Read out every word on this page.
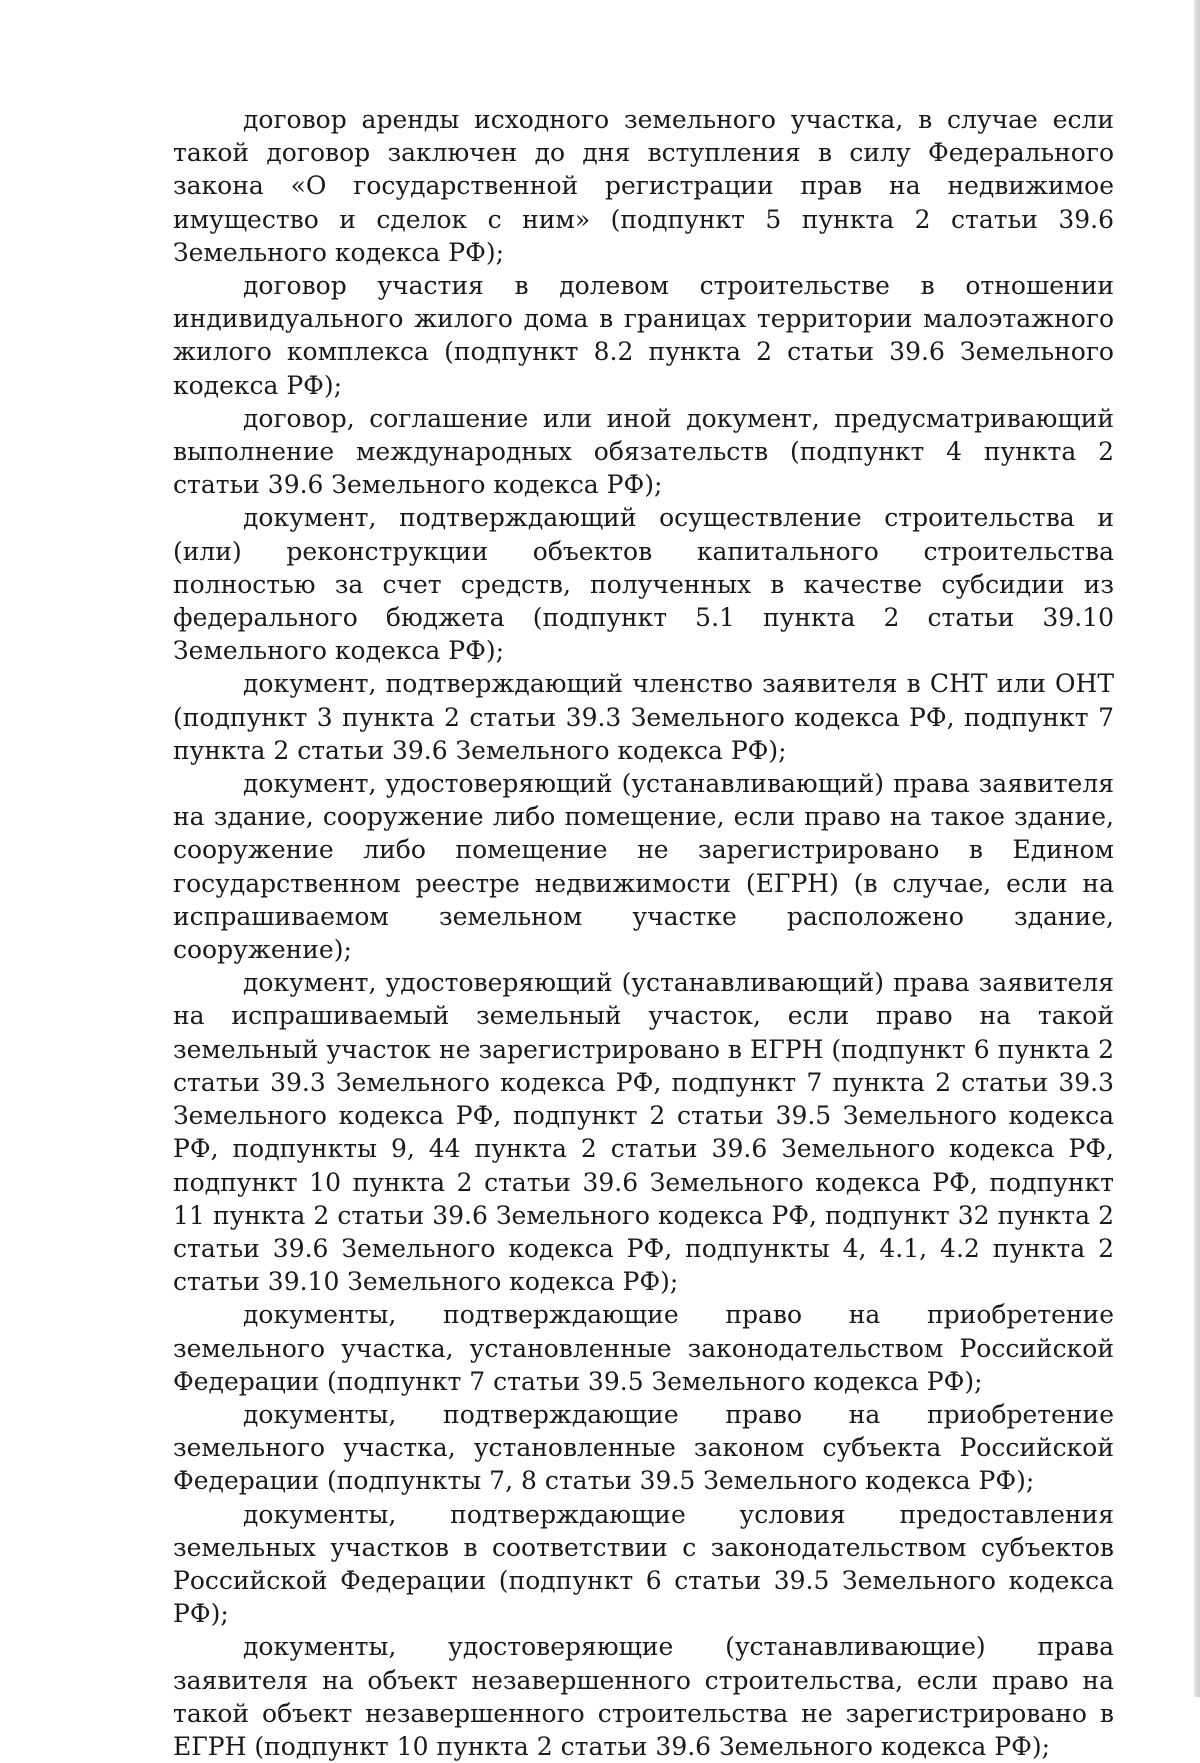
договор аренды исходного земельного участка, в случае если такой договор заключен до дня вступления в силу Федерального закона «О государственной регистрации прав на недвижимое имущество и сделок с ним» (подпункт 5 пункта 2 статьи 39.6 Земельного кодекса РФ);

договор участия в долевом строительстве в отношении индивидуального жилого дома в границах территории малоэтажного жилого комплекса (подпункт 8.2 пункта 2 статьи 39.6 Земельного кодекса РФ);

договор, соглашение или иной документ, предусматривающий выполнение международных обязательств (подпункт 4 пункта 2 статьи 39.6 Земельного кодекса РФ);

документ, подтверждающий осуществление строительства и (или) реконструкции объектов капитального строительства полностью за счет средств, полученных в качестве субсидии из федерального бюджета (подпункт 5.1 пункта 2 статьи 39.10 Земельного кодекса РФ);

документ, подтверждающий членство заявителя в СНТ или ОНТ (подпункт 3 пункта 2 статьи 39.3 Земельного кодекса РФ, подпункт 7 пункта 2 статьи 39.6 Земельного кодекса РФ);

документ, удостоверяющий (устанавливающий) права заявителя на здание, сооружение либо помещение, если право на такое здание, сооружение либо помещение не зарегистрировано в Едином государственном реестре недвижимости (ЕГРН) (в случае, если на испрашиваемом земельном участке расположено здание, сооружение);

документ, удостоверяющий (устанавливающий) права заявителя на испрашиваемый земельный участок, если право на такой земельный участок не зарегистрировано в ЕГРН (подпункт 6 пункта 2 статьи 39.3 Земельного кодекса РФ, подпункт 7 пункта 2 статьи 39.3 Земельного кодекса РФ, подпункт 2 статьи 39.5 Земельного кодекса РФ, подпункты 9, 44 пункта 2 статьи 39.6 Земельного кодекса РФ, подпункт 10 пункта 2 статьи 39.6 Земельного кодекса РФ, подпункт 11 пункта 2 статьи 39.6 Земельного кодекса РФ, подпункт 32 пункта 2 статьи 39.6 Земельного кодекса РФ, подпункты 4, 4.1, 4.2 пункта 2 статьи 39.10 Земельного кодекса РФ);

документы, подтверждающие право на приобретение земельного участка, установленные законодательством Российской Федерации (подпункт 7 статьи 39.5 Земельного кодекса РФ);

документы, подтверждающие право на приобретение земельного участка, установленные законом субъекта Российской Федерации (подпункты 7, 8 статьи 39.5 Земельного кодекса РФ);

документы, подтверждающие условия предоставления земельных участков в соответствии с законодательством субъектов Российской Федерации (подпункт 6 статьи 39.5 Земельного кодекса РФ);

документы, удостоверяющие (устанавливающие) права заявителя на объект незавершенного строительства, если право на такой объект незавершенного строительства не зарегистрировано в ЕГРН (подпункт 10 пункта 2 статьи 39.6 Земельного кодекса РФ);
